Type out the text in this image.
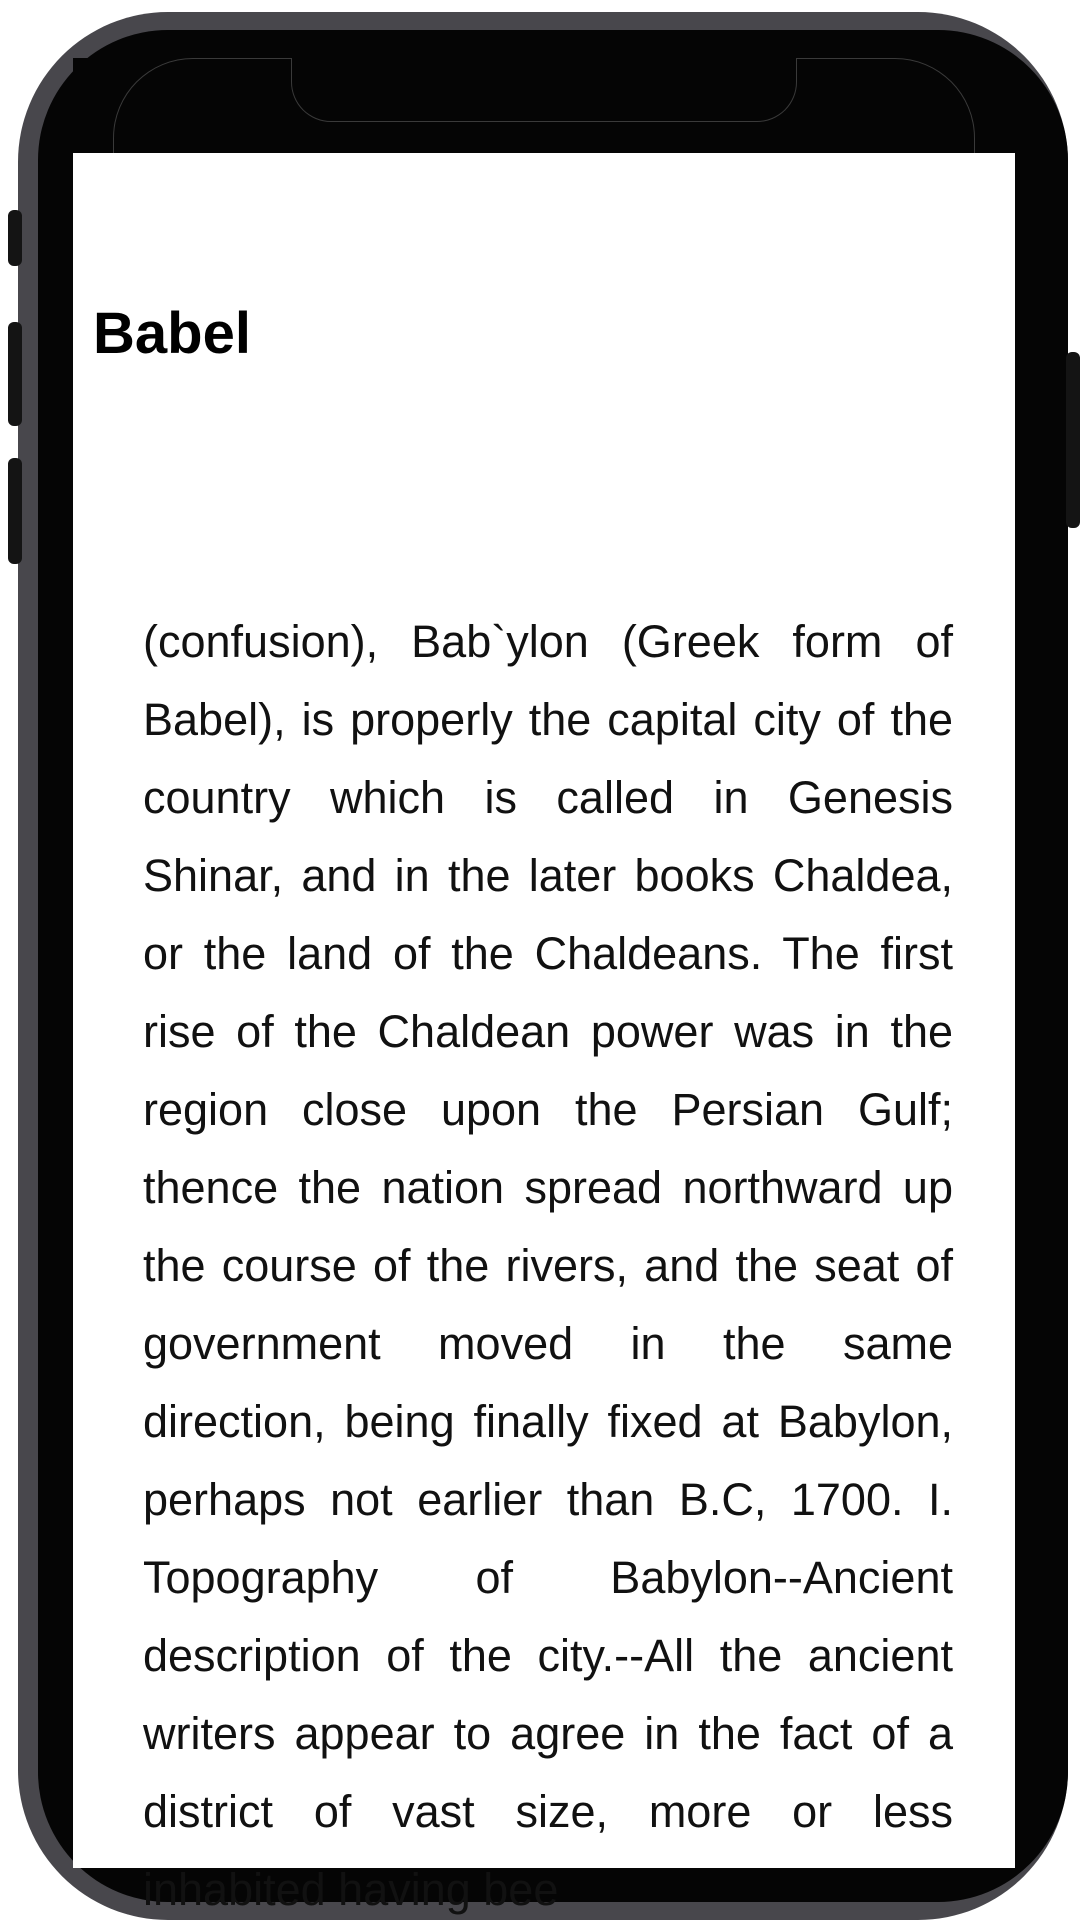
Babel

(confusion), Bab`ylon (Greek form of Babel), is properly the capital city of the country which is called in Genesis Shinar, and in the later books Chaldea, or the land of the Chaldeans. The first rise of the Chaldean power was in the region close upon the Persian Gulf; thence the nation spread northward up the course of the rivers, and the seat of government moved in the same direction, being finally fixed at Babylon, perhaps not earlier than B.C, 1700. I. Topography of Babylon--Ancient description of the city.--All the ancient writers appear to agree in the fact of a district of vast size, more or less inhabited having bee
